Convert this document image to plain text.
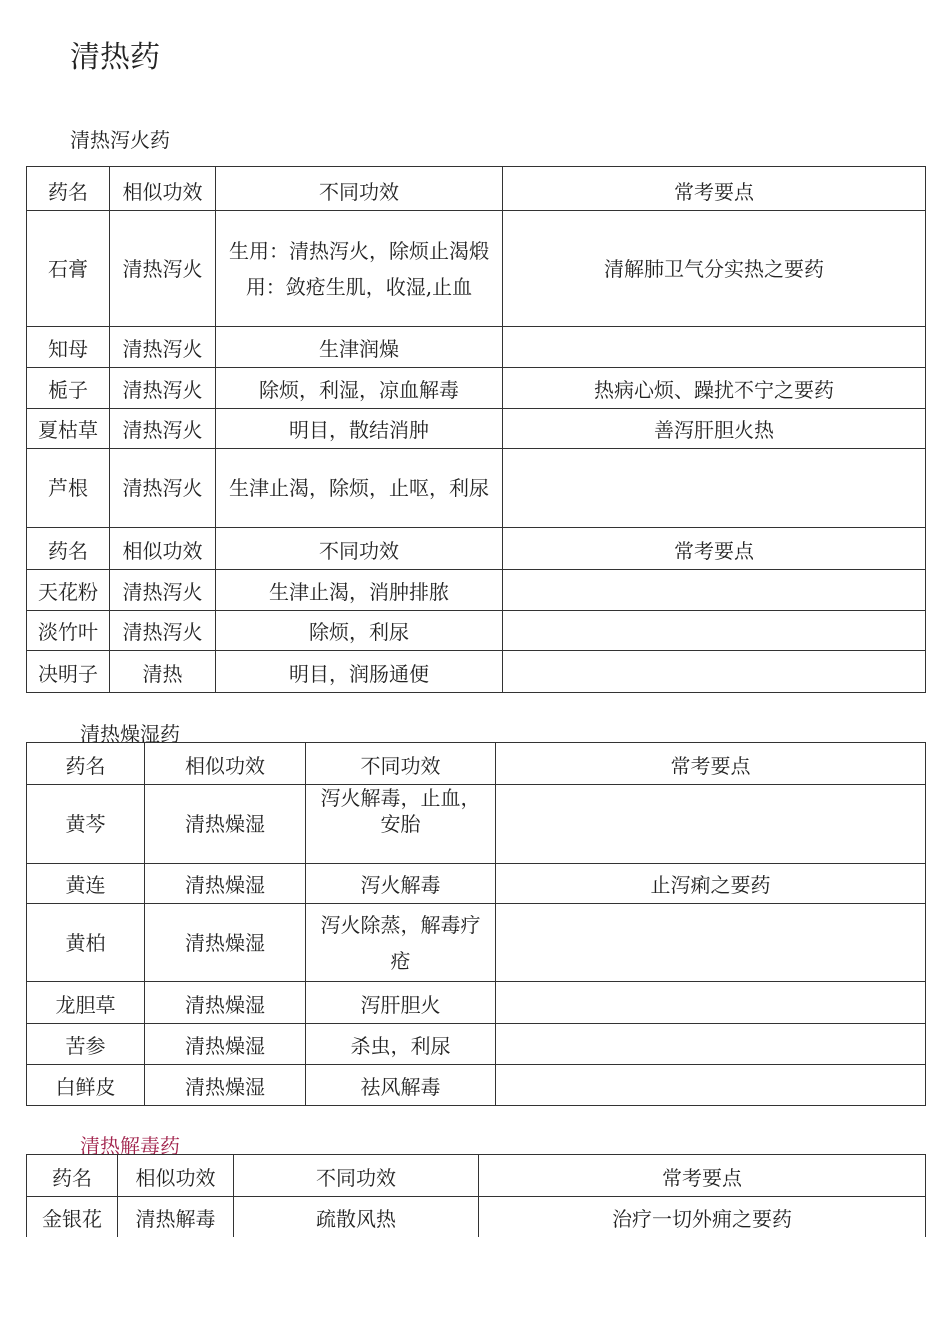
清热药
清热泻火药
药名	相似功效	不同功效	常考要点
石膏	清热泻火	生用：清热泻火，除烦止渴煅用：敛疮生肌，收湿,止血	清解肺卫气分实热之要药
知母	清热泻火	生津润燥	
栀子	清热泻火	除烦，利湿，凉血解毒	热病心烦、躁扰不宁之要药
夏枯草	清热泻火	明目，散结消肿	善泻肝胆火热
芦根	清热泻火	生津止渴，除烦，止呕，利尿	
药名	相似功效	不同功效	常考要点
天花粉	清热泻火	生津止渴，消肿排脓	
淡竹叶	清热泻火	除烦，利尿	
决明子	清热	明目，润肠通便	
清热燥湿药
药名	相似功效	不同功效	常考要点
黄芩	清热燥湿	泻火解毒，止血，安胎	
黄连	清热燥湿	泻火解毒	止泻痢之要药
黄柏	清热燥湿	泻火除蒸，解毒疗疮	
龙胆草	清热燥湿	泻肝胆火	
苦参	清热燥湿	杀虫，利尿	
白鲜皮	清热燥湿	祛风解毒	
清热解毒药
药名	相似功效	不同功效	常考要点
金银花	清热解毒	疏散风热	治疗一切外痈之要药
